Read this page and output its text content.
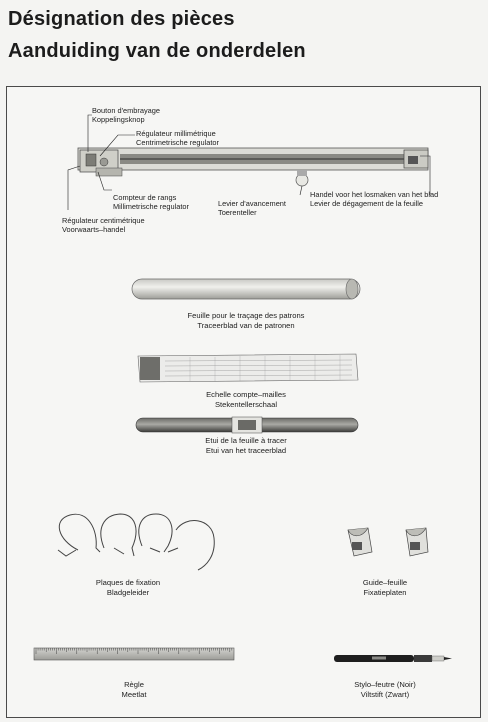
Désignation des pièces
Aanduiding van de onderdelen
Bouton d'embrayage
Koppelingsknop
Régulateur millimétrique
Centrimetrische regulator
Compteur de rangs
Millimetrische regulator
Régulateur centimétrique
Voorwaarts–handel
Levier d'avancement
Toerenteller
Handel voor het losmaken van het blad
Levier de dégagement de la feuille
Feuille pour le traçage des patrons
Traceerblad van de patronen
Echelle compte–mailles
Stekentellerschaal
Etui de la feuille à tracer
Etui van het traceerblad
Plaques de fixation
Bladgeleider
Guide–feuille
Fixatieplaten
Règle
Meetlat
Stylo–feutre (Noir)
Viltstift (Zwart)
